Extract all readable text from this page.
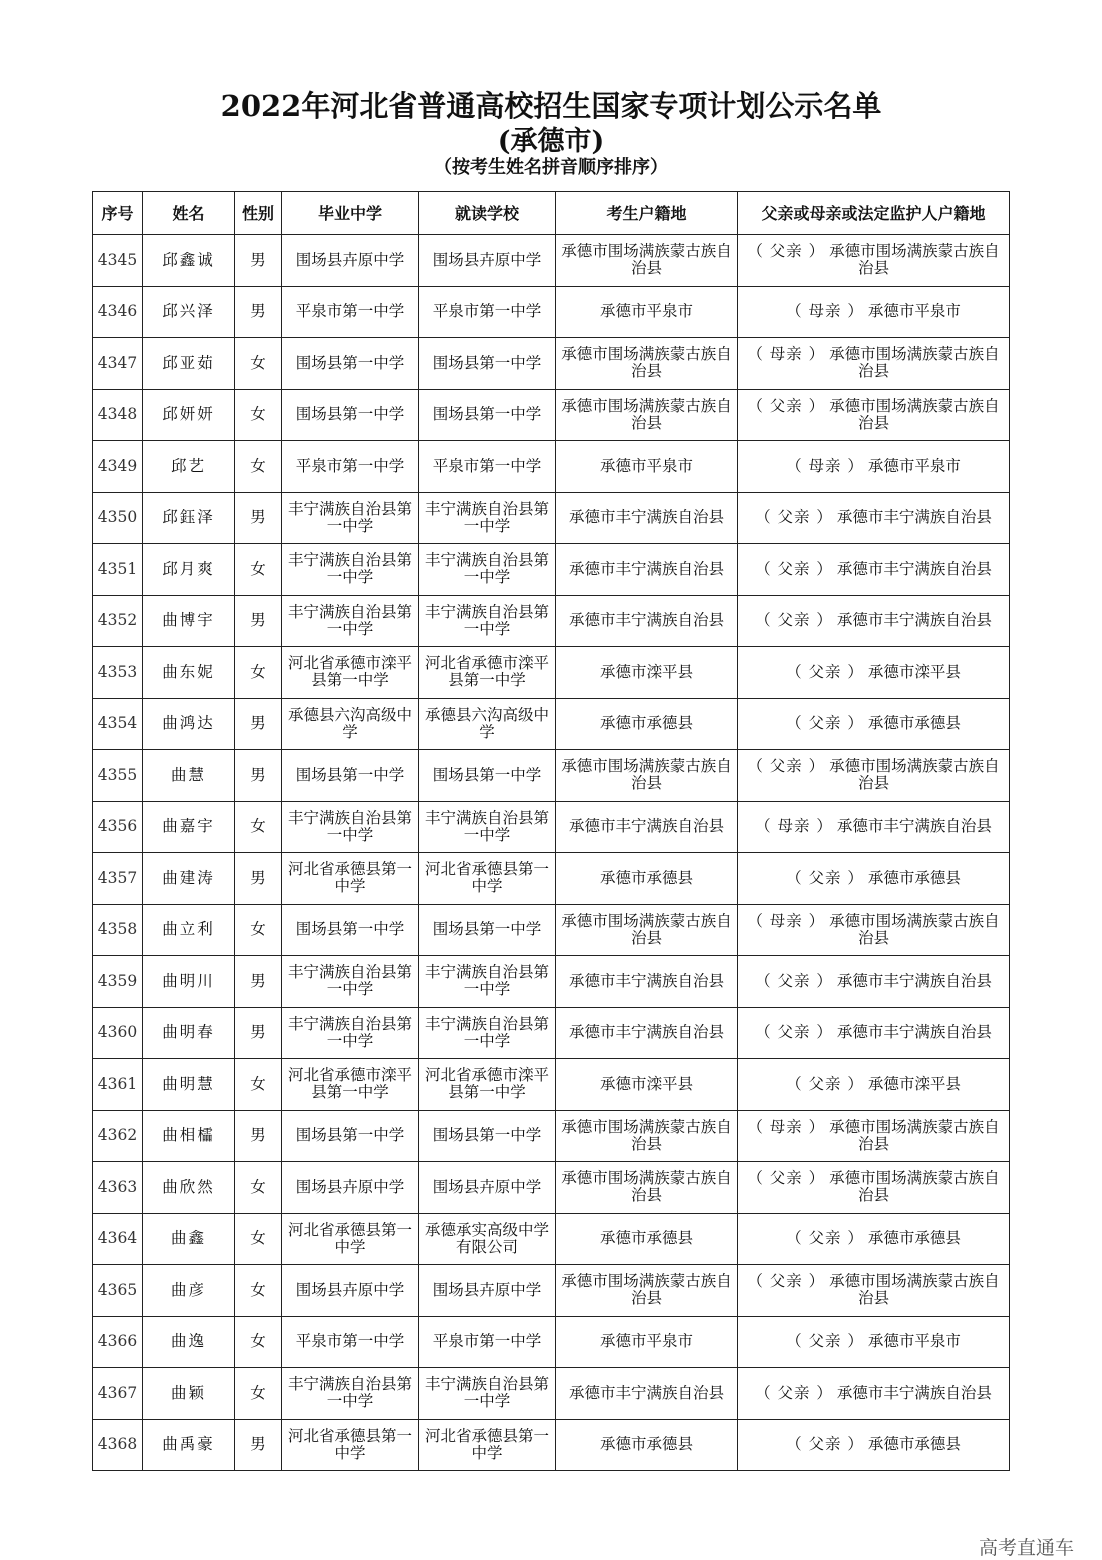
2022年河北省普通高校招生国家专项计划公示名单
(承德市)
（按考生姓名拼音顺序排序）
序号	姓名	性别	毕业中学	就读学校	考生户籍地	父亲或母亲或法定监护人户籍地
4345	邱鑫诚	男	围场县卉原中学	围场县卉原中学	承德市围场满族蒙古族自治县	（ 父亲 ） 承德市围场满族蒙古族自治县
4346	邱兴泽	男	平泉市第一中学	平泉市第一中学	承德市平泉市	（ 母亲 ） 承德市平泉市
4347	邱亚茹	女	围场县第一中学	围场县第一中学	承德市围场满族蒙古族自治县	（ 母亲 ） 承德市围场满族蒙古族自治县
4348	邱妍妍	女	围场县第一中学	围场县第一中学	承德市围场满族蒙古族自治县	（ 父亲 ） 承德市围场满族蒙古族自治县
4349	邱艺	女	平泉市第一中学	平泉市第一中学	承德市平泉市	（ 母亲 ） 承德市平泉市
4350	邱鈺泽	男	丰宁满族自治县第一中学	丰宁满族自治县第一中学	承德市丰宁满族自治县	（ 父亲 ） 承德市丰宁满族自治县
4351	邱月爽	女	丰宁满族自治县第一中学	丰宁满族自治县第一中学	承德市丰宁满族自治县	（ 父亲 ） 承德市丰宁满族自治县
4352	曲博宇	男	丰宁满族自治县第一中学	丰宁满族自治县第一中学	承德市丰宁满族自治县	（ 父亲 ） 承德市丰宁满族自治县
4353	曲东妮	女	河北省承德市滦平县第一中学	河北省承德市滦平县第一中学	承德市滦平县	（ 父亲 ） 承德市滦平县
4354	曲鸿达	男	承德县六沟高级中学	承德县六沟高级中学	承德市承德县	（ 父亲 ） 承德市承德县
4355	曲慧	男	围场县第一中学	围场县第一中学	承德市围场满族蒙古族自治县	（ 父亲 ） 承德市围场满族蒙古族自治县
4356	曲嘉宇	女	丰宁满族自治县第一中学	丰宁满族自治县第一中学	承德市丰宁满族自治县	（ 母亲 ） 承德市丰宁满族自治县
4357	曲建涛	男	河北省承德县第一中学	河北省承德县第一中学	承德市承德县	（ 父亲 ） 承德市承德县
4358	曲立利	女	围场县第一中学	围场县第一中学	承德市围场满族蒙古族自治县	（ 母亲 ） 承德市围场满族蒙古族自治县
4359	曲明川	男	丰宁满族自治县第一中学	丰宁满族自治县第一中学	承德市丰宁满族自治县	（ 父亲 ） 承德市丰宁满族自治县
4360	曲明春	男	丰宁满族自治县第一中学	丰宁满族自治县第一中学	承德市丰宁满族自治县	（ 父亲 ） 承德市丰宁满族自治县
4361	曲明慧	女	河北省承德市滦平县第一中学	河北省承德市滦平县第一中学	承德市滦平县	（ 父亲 ） 承德市滦平县
4362	曲相櫺	男	围场县第一中学	围场县第一中学	承德市围场满族蒙古族自治县	（ 母亲 ） 承德市围场满族蒙古族自治县
4363	曲欣然	女	围场县卉原中学	围场县卉原中学	承德市围场满族蒙古族自治县	（ 父亲 ） 承德市围场满族蒙古族自治县
4364	曲鑫	女	河北省承德县第一中学	承德承实高级中学有限公司	承德市承德县	（ 父亲 ） 承德市承德县
4365	曲彦	女	围场县卉原中学	围场县卉原中学	承德市围场满族蒙古族自治县	（ 父亲 ） 承德市围场满族蒙古族自治县
4366	曲逸	女	平泉市第一中学	平泉市第一中学	承德市平泉市	（ 父亲 ） 承德市平泉市
4367	曲颖	女	丰宁满族自治县第一中学	丰宁满族自治县第一中学	承德市丰宁满族自治县	（ 父亲 ） 承德市丰宁满族自治县
4368	曲禹豪	男	河北省承德县第一中学	河北省承德县第一中学	承德市承德县	（ 父亲 ） 承德市承德县
高考直通车
